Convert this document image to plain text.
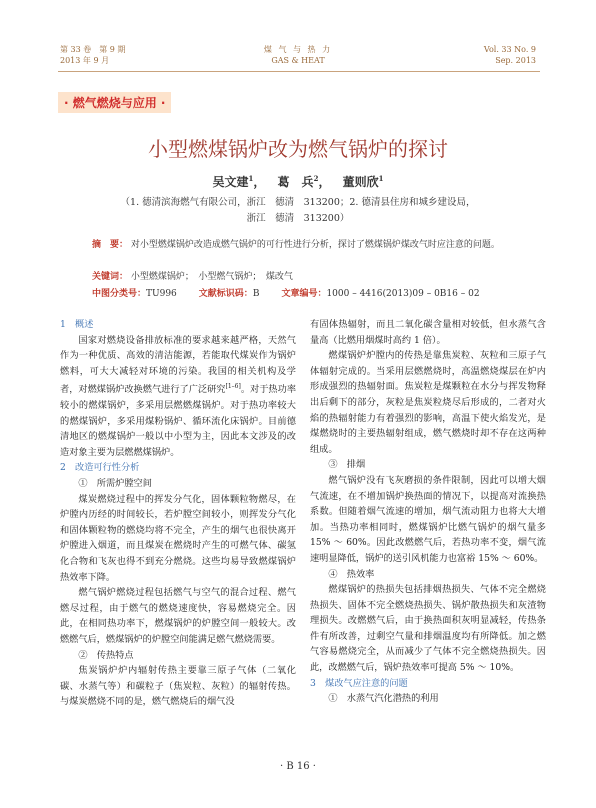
第 33 卷　第 9 期
2013 年 9 月
煤 气 与 热 力
GAS & HEAT
Vol. 33 No. 9
Sep. 2013
· 燃气燃烧与应用 ·
小型燃煤锅炉改为燃气锅炉的探讨
吴文建$^1$， 葛　兵$^2$， 董则欣$^1$
（1. 德清滨海燃气有限公司，浙江　德清　313200；2. 德清县住房和城乡建设局，
浙江　德清　313200）
摘　要： 对小型燃煤锅炉改造成燃气锅炉的可行性进行分析，探讨了燃煤锅炉煤改气时应注意的问题。
关键词： 小型燃煤锅炉；　小型燃气锅炉；　煤改气
中图分类号：TU996 文献标识码：B 文章编号：1000 – 4416(2013)09 – 0B16 – 02

1　概述

国家对燃烧设备排放标准的要求越来越严格，天然气作为一种优质、高效的清洁能源，若能取代煤炭作为锅炉燃料，可大大减轻对环境的污染。我国的相关机构及学者，对燃煤锅炉改换燃气进行了广泛研究[1–6]。对于热功率较小的燃煤锅炉，多采用层燃燃煤锅炉。对于热功率较大的燃煤锅炉，多采用煤粉锅炉、循环流化床锅炉。目前德清地区的燃煤锅炉一般以中小型为主，因此本文涉及的改造对象主要为层燃燃煤锅炉。

2　改造可行性分析

①　所需炉膛空间

煤炭燃烧过程中的挥发分气化，固体颗粒物燃尽，在炉膛内历经的时间较长，若炉膛空间较小，则挥发分气化和固体颗粒物的燃烧均将不完全，产生的烟气也很快离开炉膛进入烟道，而且煤炭在燃烧时产生的可燃气体、碳氢化合物和飞灰也得不到充分燃烧。这些均易导致燃煤锅炉热效率下降。

燃气锅炉燃烧过程包括燃气与空气的混合过程、燃气燃尽过程，由于燃气的燃烧速度快，容易燃烧完全。因此，在相同热功率下，燃煤锅炉的炉膛空间一般较大。改燃燃气后，燃煤锅炉的炉膛空间能满足燃气燃烧需要。

②　传热特点

焦炭锅炉炉内辐射传热主要靠三原子气体（二氧化碳、水蒸气等）和碳粒子（焦炭粒、灰粒）的辐射传热。与煤炭燃烧不同的是，燃气燃烧后的烟气没

有固体热辐射，而且二氧化碳含量相对较低，但水蒸气含量高（比燃用烟煤时高约 1 倍）。

燃煤锅炉炉膛内的传热是靠焦炭粒、灰粒和三原子气体辐射完成的。当采用层燃燃烧时，高温燃烧煤层在炉内形成强烈的热辐射面。焦炭粒是煤颗粒在水分与挥发物释出后剩下的部分，灰粒是焦炭粒烧尽后形成的，二者对火焰的热辐射能力有着强烈的影响，高温下使火焰发光，是煤燃烧时的主要热辐射组成，燃气燃烧时却不存在这两种组成。

③　排烟

燃气锅炉没有飞灰磨损的条件限制，因此可以增大烟气流速，在不增加锅炉换热面的情况下，以提高对流换热系数。但随着烟气流速的增加，烟气流动阻力也将大大增加。当热功率相同时，燃煤锅炉比燃气锅炉的烟气量多 15% ～ 60%。因此改燃燃气后，若热功率不变，烟气流速明显降低，锅炉的送引风机能力也富裕 15% ～ 60%。

④　热效率

燃煤锅炉的热损失包括排烟热损失、气体不完全燃烧热损失、固体不完全燃烧热损失、锅炉散热损失和灰渣物理损失。改燃燃气后，由于换热面积灰明显减轻，传热条件有所改善，过剩空气量和排烟温度均有所降低。加之燃气容易燃烧完全，从而减少了气体不完全燃烧热损失。因此，改燃燃气后，锅炉热效率可提高 5% ～ 10%。

3　煤改气应注意的问题

①　水蒸气汽化潜热的利用

· B 16 ·
